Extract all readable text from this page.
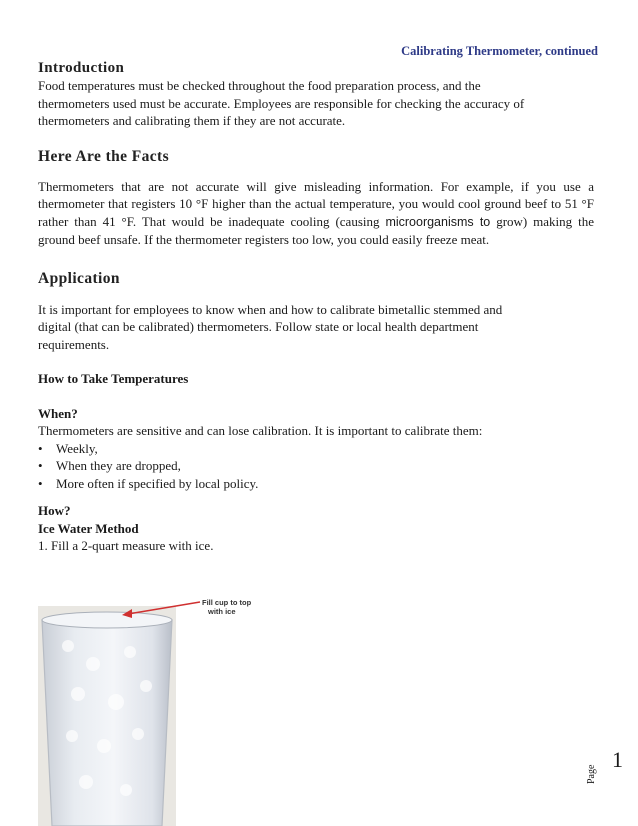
Calibrating Thermometer, continued
Introduction

Food temperatures must be checked throughout the food preparation process, and the

thermometers used must be accurate. Employees are responsible for checking the accuracy of

thermometers and calibrating them if they are not accurate.

Here Are the Facts

Thermometers that are not accurate will give misleading information. For example, if you use a thermometer that registers 10 °F higher than the actual temperature, you would cool ground beef to 51 °F rather than 41 °F. That would be inadequate cooling (causing microorganisms to grow) making the ground beef unsafe. If the thermometer registers too low, you could easily freeze meat.

Application

It is important for employees to know when and how to calibrate bimetallic stemmed and

digital (that can be calibrated) thermometers. Follow state or local health department

requirements.

How to Take Temperatures

When?

Thermometers are sensitive and can lose calibration. It is important to calibrate them:

• Weekly,
• When they are dropped,
• More often if specified by local policy.

How?

Ice Water Method

1. Fill a 2-quart measure with ice.

Fill cup to top
with ice
Page
1
